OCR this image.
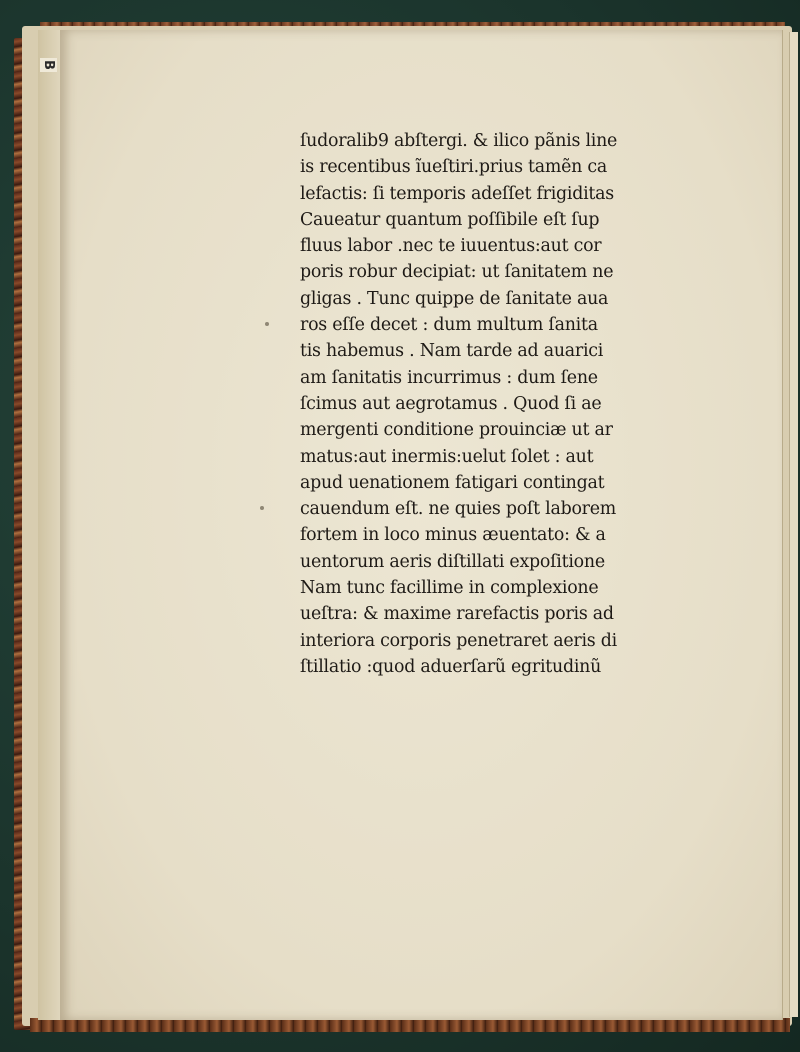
B
ſudoralib9 abſtergi. & ilico pãnis line
is recentibus ĩueſtiri.prius tamẽn ca
lefactis: ſi temporis adeſſet frigiditas
Caueatur quantum poſſibile eſt ſup
fluus labor .nec te iuuentus:aut cor
poris robur decipiat: ut ſanitatem ne
gligas . Tunc quippe de ſanitate aua
ros eſſe decet : dum multum ſanita
tis habemus . Nam tarde ad auarici
am ſanitatis incurrimus : dum ſene
ſcimus aut aegrotamus . Quod ſi ae
mergenti conditione prouinciæ ut ar
matus:aut inermis:uelut ſolet : aut
apud uenationem fatigari contingat
cauendum eſt. ne quies poſt laborem
fortem in loco minus æuentato: & a
uentorum aeris diſtillati expoſitione
Nam tunc facillime in complexione
ueſtra: & maxime rarefactis poris ad
interiora corporis penetraret aeris di
ſtillatio :quod aduerſarũ egritudinũ
